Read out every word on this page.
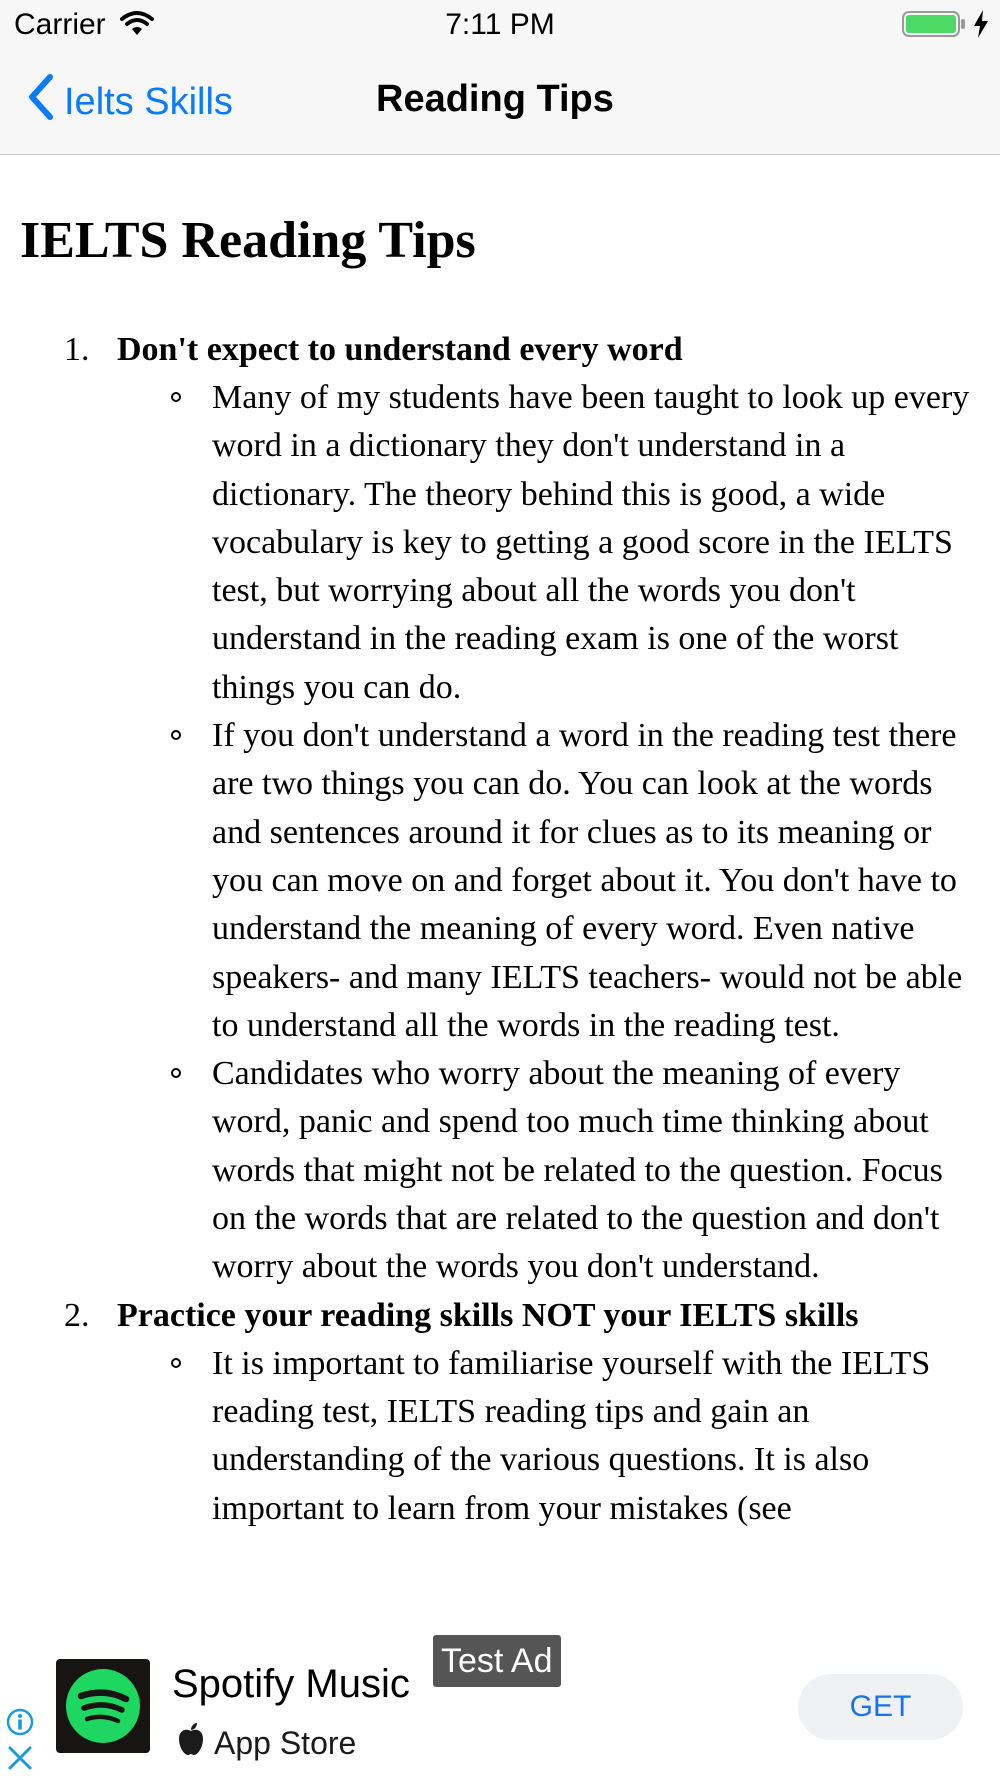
Carrier	7:11 PM
Ielts Skills	Reading Tips
IELTS Reading Tips
1. Don't expect to understand every word
Many of my students have been taught to look up every word in a dictionary they don't understand in a dictionary. The theory behind this is good, a wide vocabulary is key to getting a good score in the IELTS test, but worrying about all the words you don't understand in the reading exam is one of the worst things you can do.
If you don't understand a word in the reading test there are two things you can do. You can look at the words and sentences around it for clues as to its meaning or you can move on and forget about it. You don't have to understand the meaning of every word. Even native speakers- and many IELTS teachers- would not be able to understand all the words in the reading test.
Candidates who worry about the meaning of every word, panic and spend too much time thinking about words that might not be related to the question. Focus on the words that are related to the question and don't worry about the words you don't understand.
2. Practice your reading skills NOT your IELTS skills
It is important to familiarise yourself with the IELTS reading test, IELTS reading tips and gain an understanding of the various questions. It is also important to learn from your mistakes (see
Spotify Music
Test Ad
App Store
GET
